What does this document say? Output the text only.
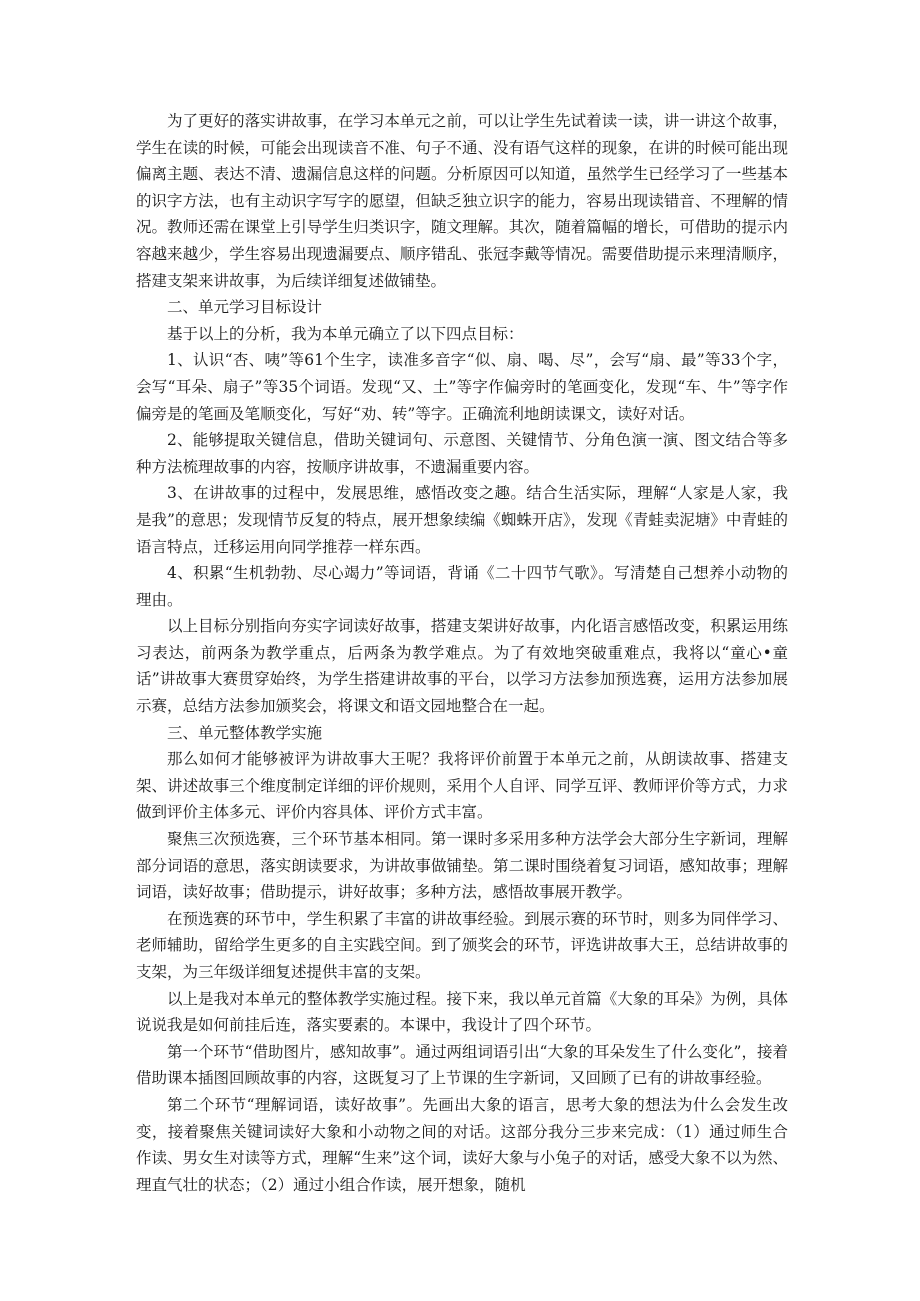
为了更好的落实讲故事，在学习本单元之前，可以让学生先试着读一读，讲一讲这个故事，学生在读的时候，可能会出现读音不准、句子不通、没有语气这样的现象，在讲的时候可能出现偏离主题、表达不清、遗漏信息这样的问题。分析原因可以知道，虽然学生已经学习了一些基本的识字方法，也有主动识字写字的愿望，但缺乏独立识字的能力，容易出现读错音、不理解的情况。教师还需在课堂上引导学生归类识字，随文理解。其次，随着篇幅的增长，可借助的提示内容越来越少，学生容易出现遗漏要点、顺序错乱、张冠李戴等情况。需要借助提示来理清顺序，搭建支架来讲故事，为后续详细复述做铺垫。

二、单元学习目标设计

基于以上的分析，我为本单元确立了以下四点目标：

1、认识“杏、咦”等61个生字，读准多音字“似、扇、喝、尽”，会写“扇、最”等33个字，会写“耳朵、扇子”等35个词语。发现“又、土”等字作偏旁时的笔画变化，发现“车、牛”等字作偏旁是的笔画及笔顺变化，写好“劝、转”等字。正确流利地朗读课文，读好对话。

2、能够提取关键信息，借助关键词句、示意图、关键情节、分角色演一演、图文结合等多种方法梳理故事的内容，按顺序讲故事，不遗漏重要内容。

3、在讲故事的过程中，发展思维，感悟改变之趣。结合生活实际，理解“人家是人家，我是我”的意思；发现情节反复的特点，展开想象续编《蜘蛛开店》，发现《青蛙卖泥塘》中青蛙的语言特点，迁移运用向同学推荐一样东西。

4、积累“生机勃勃、尽心竭力”等词语，背诵《二十四节气歌》。写清楚自己想养小动物的理由。

以上目标分别指向夯实字词读好故事，搭建支架讲好故事，内化语言感悟改变，积累运用练习表达，前两条为教学重点，后两条为教学难点。为了有效地突破重难点，我将以“童心•童话”讲故事大赛贯穿始终，为学生搭建讲故事的平台，以学习方法参加预选赛，运用方法参加展示赛，总结方法参加颁奖会，将课文和语文园地整合在一起。

三、单元整体教学实施

那么如何才能够被评为讲故事大王呢？我将评价前置于本单元之前，从朗读故事、搭建支架、讲述故事三个维度制定详细的评价规则，采用个人自评、同学互评、教师评价等方式，力求做到评价主体多元、评价内容具体、评价方式丰富。

聚焦三次预选赛，三个环节基本相同。第一课时多采用多种方法学会大部分生字新词，理解部分词语的意思，落实朗读要求，为讲故事做铺垫。第二课时围绕着复习词语，感知故事；理解词语，读好故事；借助提示，讲好故事；多种方法，感悟故事展开教学。

在预选赛的环节中，学生积累了丰富的讲故事经验。到展示赛的环节时，则多为同伴学习、老师辅助，留给学生更多的自主实践空间。到了颁奖会的环节，评选讲故事大王，总结讲故事的支架，为三年级详细复述提供丰富的支架。

以上是我对本单元的整体教学实施过程。接下来，我以单元首篇《大象的耳朵》为例，具体说说我是如何前挂后连，落实要素的。本课中，我设计了四个环节。

第一个环节“借助图片，感知故事”。通过两组词语引出“大象的耳朵发生了什么变化”，接着借助课本插图回顾故事的内容，这既复习了上节课的生字新词，又回顾了已有的讲故事经验。

第二个环节“理解词语，读好故事”。先画出大象的语言，思考大象的想法为什么会发生改变，接着聚焦关键词读好大象和小动物之间的对话。这部分我分三步来完成：（1）通过师生合作读、男女生对读等方式，理解“生来”这个词，读好大象与小兔子的对话，感受大象不以为然、理直气壮的状态；（2）通过小组合作读，展开想象，随机
